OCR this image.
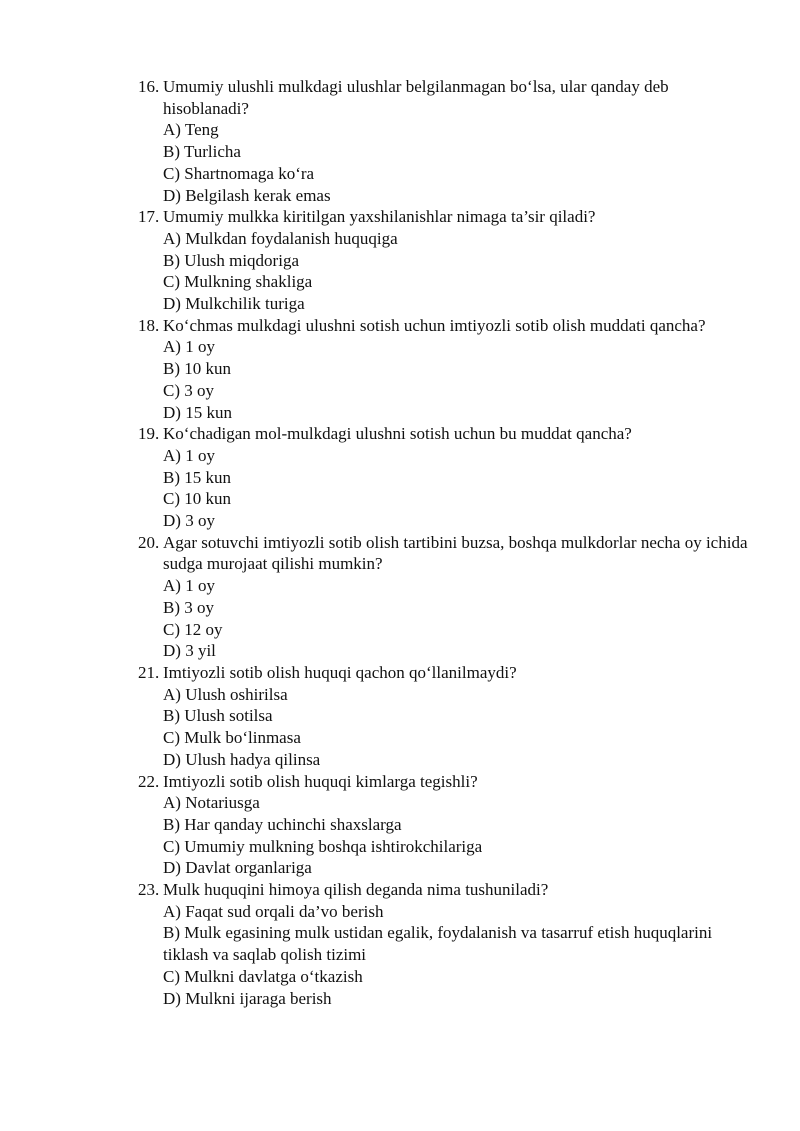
16. Umumiy ulushli mulkdagi ulushlar belgilanmagan bo‘lsa, ular qanday deb hisoblanadi?
A) Teng
B) Turlicha
C) Shartnomaga ko‘ra
D) Belgilash kerak emas
17. Umumiy mulkka kiritilgan yaxshilanishlar nimaga ta’sir qiladi?
A) Mulkdan foydalanish huquqiga
B) Ulush miqdoriga
C) Mulkning shakliga
D) Mulkchilik turiga
18. Ko‘chmas mulkdagi ulushni sotish uchun imtiyozli sotib olish muddati qancha?
A) 1 oy
B) 10 kun
C) 3 oy
D) 15 kun
19. Ko‘chadigan mol-mulkdagi ulushni sotish uchun bu muddat qancha?
A) 1 oy
B) 15 kun
C) 10 kun
D) 3 oy
20. Agar sotuvchi imtiyozli sotib olish tartibini buzsa, boshqa mulkdorlar necha oy ichida sudga murojaat qilishi mumkin?
A) 1 oy
B) 3 oy
C) 12 oy
D) 3 yil
21. Imtiyozli sotib olish huquqi qachon qo‘llanilmaydi?
A) Ulush oshirilsa
B) Ulush sotilsa
C) Mulk bo‘linmasa
D) Ulush hadya qilinsa
22. Imtiyozli sotib olish huquqi kimlarga tegishli?
A) Notariusga
B) Har qanday uchinchi shaxslarga
C) Umumiy mulkning boshqa ishtirokchilariga
D) Davlat organlariga
23. Mulk huquqini himoya qilish deganda nima tushuniladi?
A) Faqat sud orqali da’vo berish
B) Mulk egasining mulk ustidan egalik, foydalanish va tasarruf etish huquqlarini tiklash va saqlab qolish tizimi
C) Mulkni davlatga o‘tkazish
D) Mulkni ijaraga berish
